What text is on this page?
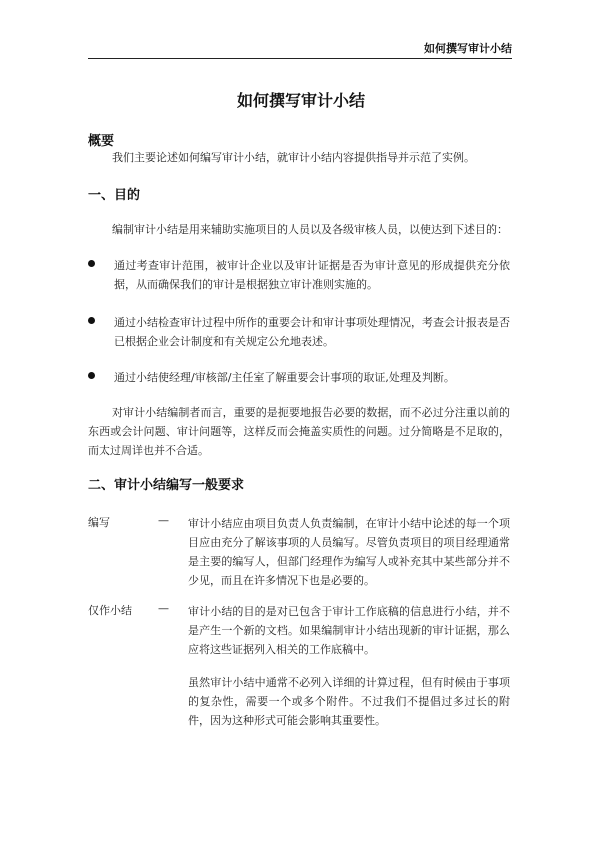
如何撰写审计小结
如何撰写审计小结
概要

我们主要论述如何编写审计小结，就审计小结内容提供指导并示范了实例。

一、目的

编制审计小结是用来辅助实施项目的人员以及各级审核人员，以使达到下述目的：

通过考查审计范围，被审计企业以及审计证据是否为审计意见的形成提供充分依据，从而确保我们的审计是根据独立审计准则实施的。
通过小结检查审计过程中所作的重要会计和审计事项处理情况，考查会计报表是否已根据企业会计制度和有关规定公允地表述。
通过小结使经理/审核部/主任室了解重要会计事项的取证,处理及判断。

对审计小结编制者而言，重要的是扼要地报告必要的数据，而不必过分注重以前的东西或会计问题、审计问题等，这样反而会掩盖实质性的问题。过分简略是不足取的，而太过周详也并不合适。

二、审计小结编写一般要求
编写	— 审计小结应由项目负责人负责编制，在审计小结中论述的每一个项目应由充分了解该事项的人员编写。尽管负责项目的项目经理通常是主要的编写人，但部门经理作为编写人或补充其中某些部分并不少见，而且在许多情况下也是必要的。
仅作小结 — 审计小结的目的是对已包含于审计工作底稿的信息进行小结，并不是产生一个新的文档。如果编制审计小结出现新的审计证据，那么应将这些证据列入相关的工作底稿中。
虽然审计小结中通常不必列入详细的计算过程，但有时候由于事项的复杂性，需要一个或多个附件。不过我们不提倡过多过长的附件，因为这种形式可能会影响其重要性。
